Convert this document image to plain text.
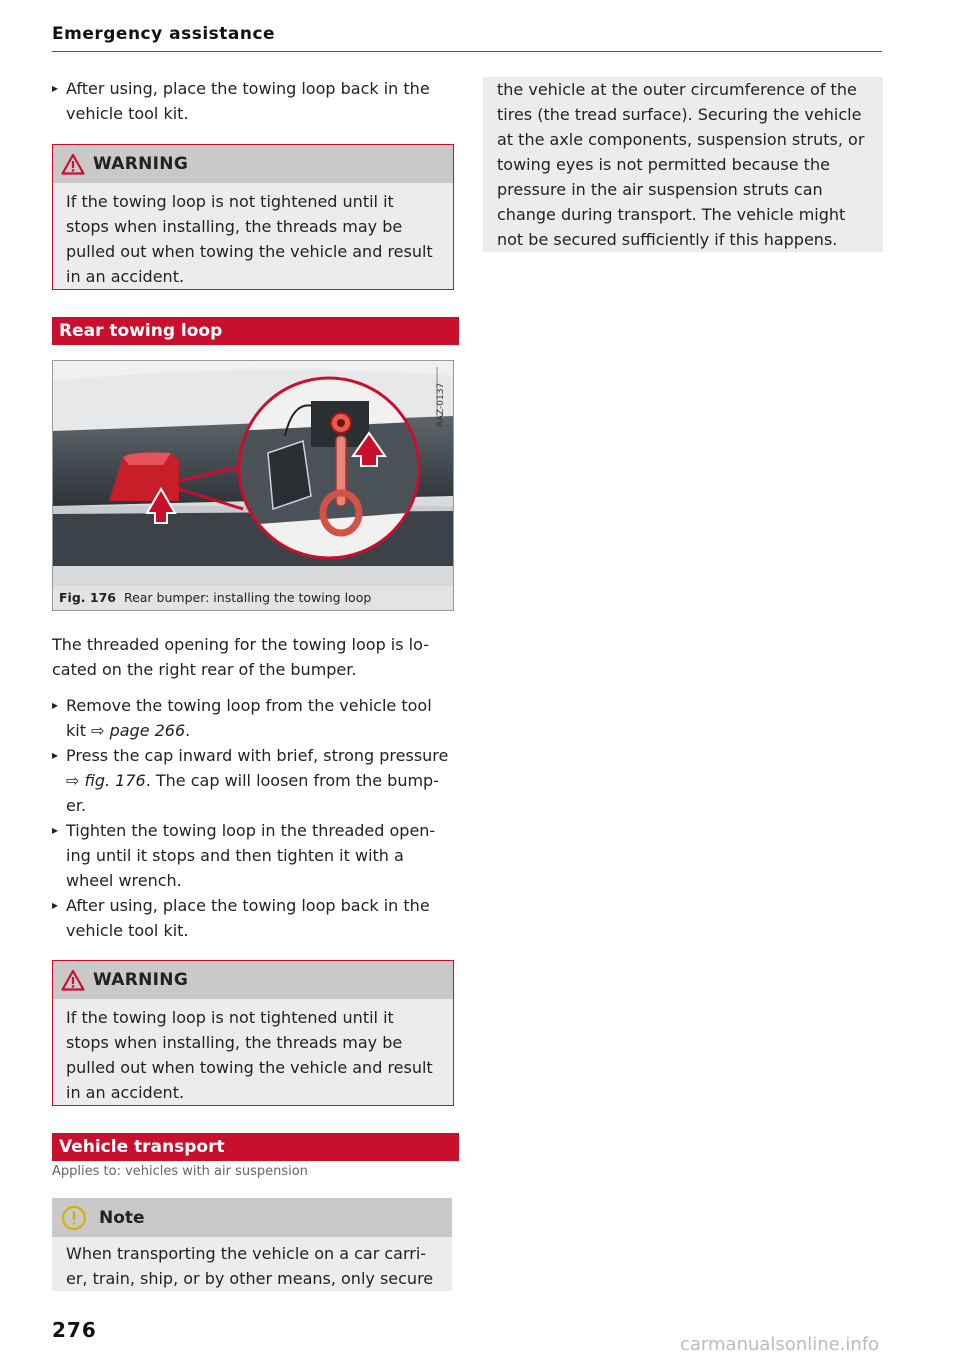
Emergency assistance
▸ After using, place the towing loop back in the vehicle tool kit.
WARNING
If the towing loop is not tightened until it
stops when installing, the threads may be
pulled out when towing the vehicle and result
in an accident.
Rear towing loop
RAZ-0137
Fig. 176 Rear bumper: installing the towing loop
The threaded opening for the towing loop is lo-
cated on the right rear of the bumper.
▸ Remove the towing loop from the vehicle tool
kit ⇨ page 266.
▸ Press the cap inward with brief, strong pressure
⇨ fig. 176. The cap will loosen from the bump-
er.
▸ Tighten the towing loop in the threaded open-
ing until it stops and then tighten it with a
wheel wrench.
▸ After using, place the towing loop back in the
vehicle tool kit.
WARNING
If the towing loop is not tightened until it
stops when installing, the threads may be
pulled out when towing the vehicle and result
in an accident.
Vehicle transport
Applies to: vehicles with air suspension
Note
When transporting the vehicle on a car carri-
er, train, ship, or by other means, only secure
the vehicle at the outer circumference of the
tires (the tread surface). Securing the vehicle
at the axle components, suspension struts, or
towing eyes is not permitted because the
pressure in the air suspension struts can
change during transport. The vehicle might
not be secured sufficiently if this happens.
276
carmanualsonline.info
